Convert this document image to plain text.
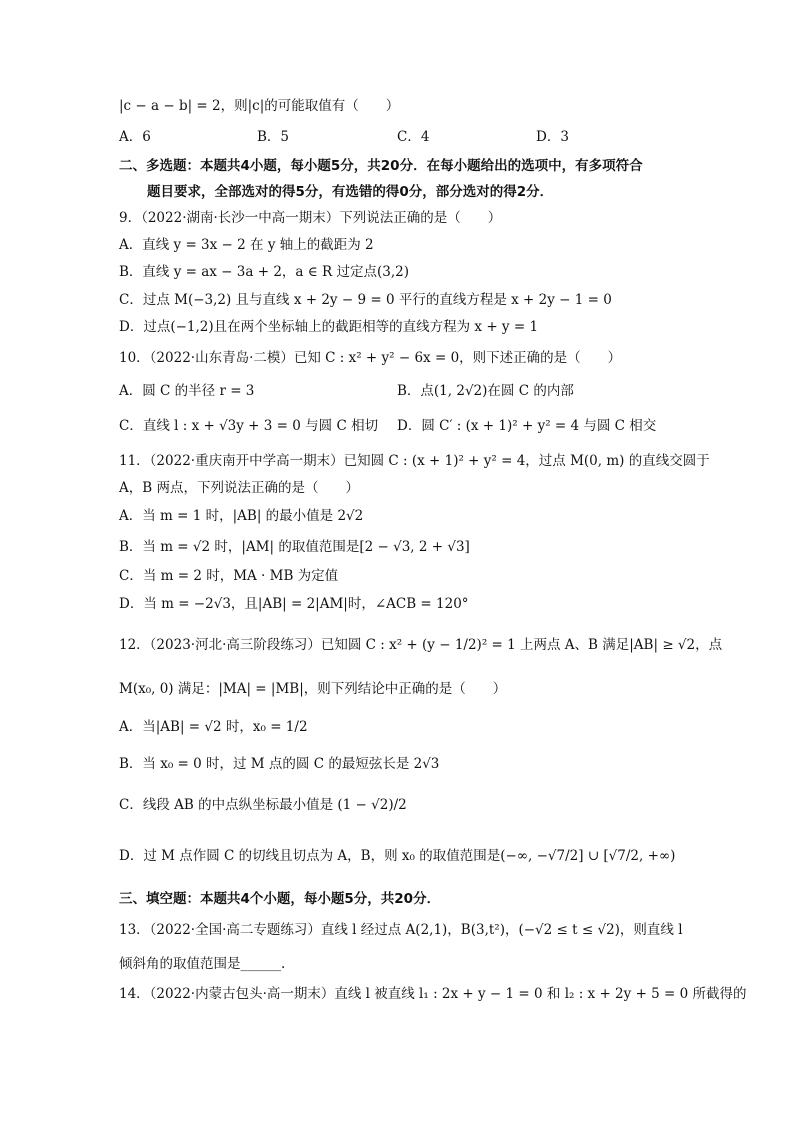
|c − a − b| = 2，则|c|的可能取值有（　　）
A．6	B．5	C．4	D．3
二、多选题：本题共4小题，每小题5分，共20分．在每小题给出的选项中，有多项符合
题目要求，全部选对的得5分，有选错的得0分，部分选对的得2分．
9．（2022·湖南·长沙一中高一期末）下列说法正确的是（　　）
A．直线 y = 3x − 2 在 y 轴上的截距为 2
B．直线 y = ax − 3a + 2，a ∈ R 过定点(3,2)
C．过点 M(−3,2) 且与直线 x + 2y − 9 = 0 平行的直线方程是 x + 2y − 1 = 0
D．过点(−1,2)且在两个坐标轴上的截距相等的直线方程为 x + y = 1
10．（2022·山东青岛·二模）已知 C : x² + y² − 6x = 0，则下述正确的是（　　）
A．圆 C 的半径 r = 3	B．点(1, 2√2)在圆 C 的内部
C．直线 l : x + √3y + 3 = 0 与圆 C 相切 D．圆 C′ : (x + 1)² + y² = 4 与圆 C 相交
11．（2022·重庆南开中学高一期末）已知圆 C : (x + 1)² + y² = 4，过点 M(0, m) 的直线交圆于
A，B 两点，下列说法正确的是（　　）
A．当 m = 1 时，|AB| 的最小值是 2√2
B．当 m = √2 时，|AM| 的取值范围是[2 − √3, 2 + √3]
C．当 m = 2 时，MA · MB 为定值
D．当 m = −2√3，且|AB| = 2|AM|时，∠ACB = 120°
12．（2023·河北·高三阶段练习）已知圆 C : x² + (y − 1/2)² = 1 上两点 A、B 满足|AB| ≥ √2，点
M(x₀, 0) 满足：|MA| = |MB|，则下列结论中正确的是（　　）
A．当|AB| = √2 时，x₀ = 1/2
B．当 x₀ = 0 时，过 M 点的圆 C 的最短弦长是 2√3
C．线段 AB 的中点纵坐标最小值是 (1 − √2)/2
D．过 M 点作圆 C 的切线且切点为 A，B，则 x₀ 的取值范围是(−∞, −√7/2] ∪ [√7/2, +∞)
三、填空题：本题共4个小题，每小题5分，共20分．
13．（2022·全国·高二专题练习）直线 l 经过点 A(2,1)，B(3,t²)，(−√2 ≤ t ≤ √2)，则直线 l
倾斜角的取值范围是______.
14．（2022·内蒙古包头·高一期末）直线 l 被直线 l₁ : 2x + y − 1 = 0 和 l₂ : x + 2y + 5 = 0 所截得的
